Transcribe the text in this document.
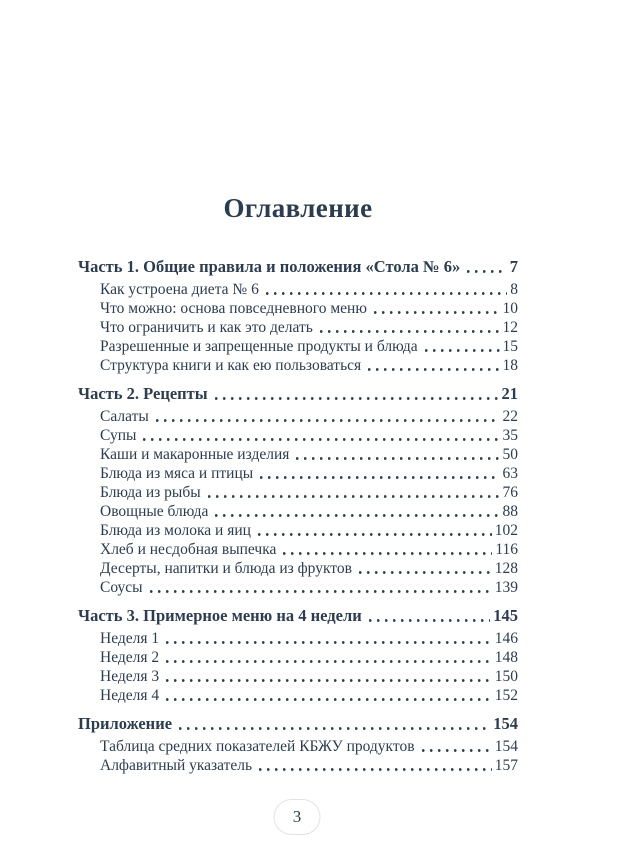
Оглавление
Часть 1. Общие правила и положения «Стола № 6»	7
Как устроена диета № 6	8
Что можно: основа повседневного меню	10
Что ограничить и как это делать	12
Разрешенные и запрещенные продукты и блюда	15
Структура книги и как ею пользоваться	18
Часть 2. Рецепты	21
Салаты	22
Супы	35
Каши и макаронные изделия	50
Блюда из мяса и птицы	63
Блюда из рыбы	76
Овощные блюда	88
Блюда из молока и яиц	102
Хлеб и несдобная выпечка	116
Десерты, напитки и блюда из фруктов	128
Соусы	139
Часть 3. Примерное меню на 4 недели	145
Неделя 1	146
Неделя 2	148
Неделя 3	150
Неделя 4	152
Приложение	154
Таблица средних показателей КБЖУ продуктов	154
Алфавитный указатель	157
3
